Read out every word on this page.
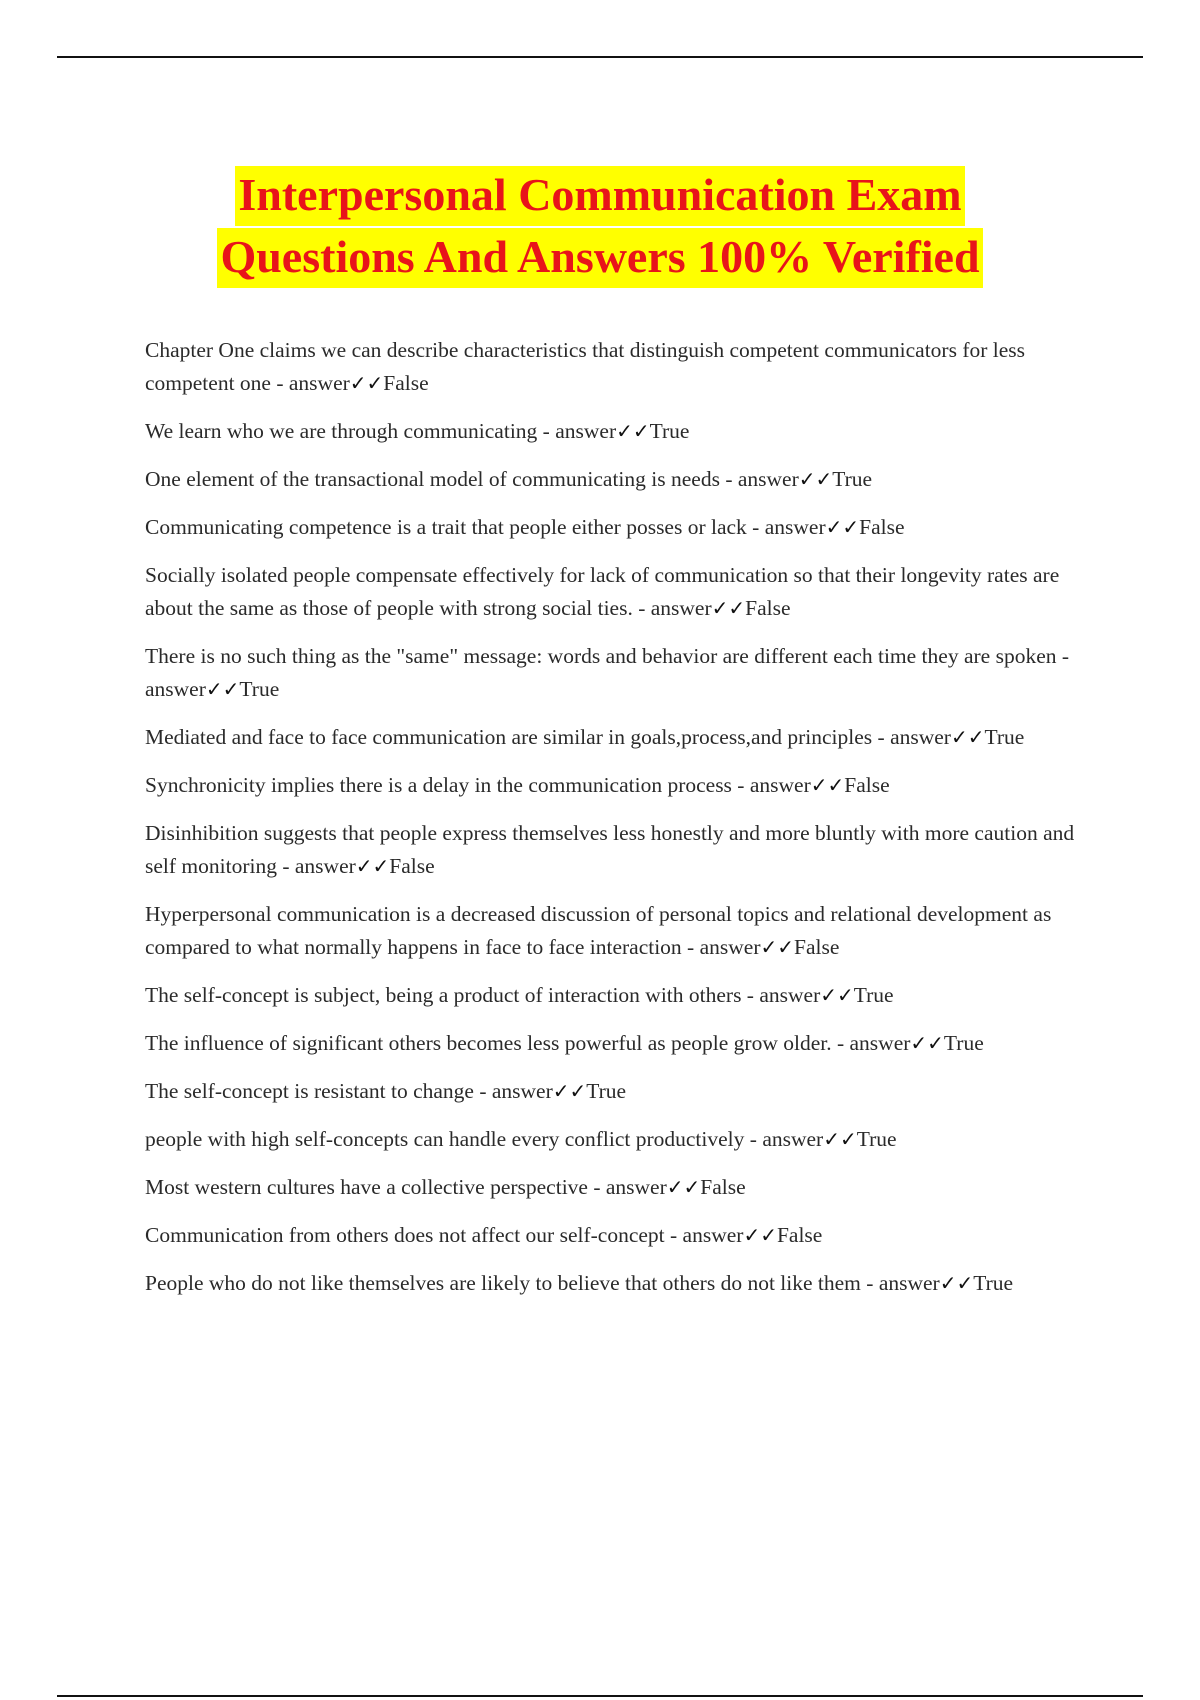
Interpersonal Communication Exam
Questions And Answers 100% Verified
Chapter One claims we can describe characteristics that distinguish competent communicators for less competent one - answer✓✓False
We learn who we are through communicating - answer✓✓True
One element of the transactional model of communicating is needs - answer✓✓True
Communicating competence is a trait that people either posses or lack - answer✓✓False
Socially isolated people compensate effectively for lack of communication so that their longevity rates are about the same as those of people with strong social ties. - answer✓✓False
There is no such thing as the "same" message: words and behavior are different each time they are spoken - answer✓✓True
Mediated and face to face communication are similar in goals,process,and principles - answer✓✓True
Synchronicity implies there is a delay in the communication process - answer✓✓False
Disinhibition suggests that people express themselves less honestly and more bluntly with more caution and self monitoring - answer✓✓False
Hyperpersonal communication is a decreased discussion of personal topics and relational development as compared to what normally happens in face to face interaction - answer✓✓False
The self-concept is subject, being a product of interaction with others - answer✓✓True
The influence of significant others becomes less powerful as people grow older. - answer✓✓True
The self-concept is resistant to change - answer✓✓True
people with high self-concepts can handle every conflict productively - answer✓✓True
Most western cultures have a collective perspective - answer✓✓False
Communication from others does not affect our self-concept - answer✓✓False
People who do not like themselves are likely to believe that others do not like them - answer✓✓True
